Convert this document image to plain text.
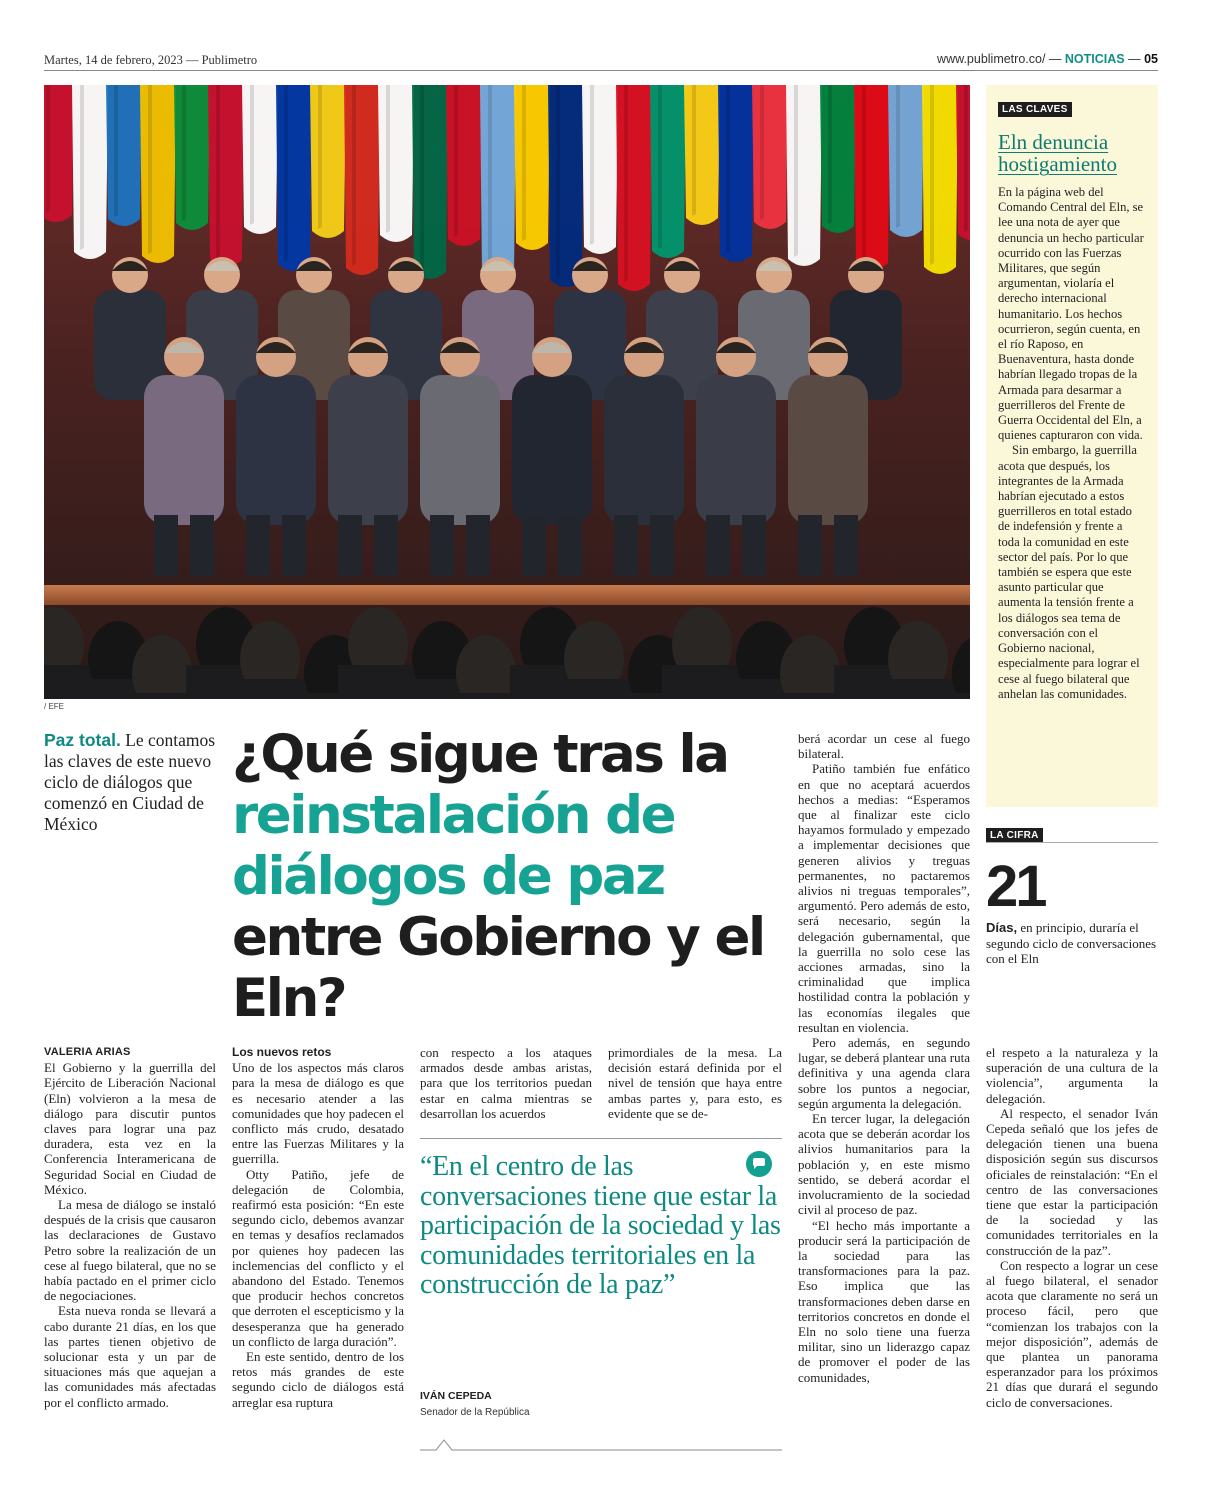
Martes, 14 de febrero, 2023 — Publimetro	www.publimetro.co/ — NOTICIAS — 05
/ EFE
LAS CLAVES
Eln denuncia hostigamiento

En la página web del Comando Central del Eln, se lee una nota de ayer que denuncia un hecho particular ocurrido con las Fuerzas Militares, que según argumentan, violaría el derecho internacional humanitario. Los hechos ocurrieron, según cuenta, en el río Raposo, en Buenaventura, hasta donde habrían llegado tropas de la Armada para desarmar a guerrilleros del Frente de Guerra Occidental del Eln, a quienes capturaron con vida.

Sin embargo, la guerrilla acota que después, los integrantes de la Armada habrían ejecutado a estos guerrilleros en total estado de indefensión y frente a toda la comunidad en este sector del país. Por lo que también se espera que este asunto particular que aumenta la tensión frente a los diálogos sea tema de conversación con el Gobierno nacional, especialmente para lograr el cese al fuego bilateral que anhelan las comunidades.

LA CIFRA
21
Días, en principio, duraría el segundo ciclo de conversaciones con el Eln
Paz total. Le contamos las claves de este nuevo ciclo de diálogos que comenzó en Ciudad de México
¿Qué sigue tras la reinstalación de diálogos de paz entre Gobierno y el Eln?
VALERIA ARIAS

El Gobierno y la guerrilla del Ejército de Liberación Nacional (Eln) volvieron a la mesa de diálogo para discutir puntos claves para lograr una paz duradera, esta vez en la Conferencia Interamericana de Seguridad Social en Ciudad de México.

La mesa de diálogo se instaló después de la crisis que causaron las declaraciones de Gustavo Petro sobre la realización de un cese al fuego bilateral, que no se había pactado en el primer ciclo de negociaciones.

Esta nueva ronda se llevará a cabo durante 21 días, en los que las partes tienen objetivo de solucionar esta y un par de situaciones más que aquejan a las comunidades más afectadas por el conflicto armado.

Los nuevos retos

Uno de los aspectos más claros para la mesa de diálogo es que es necesario atender a las comunidades que hoy padecen el conflicto más crudo, desatado entre las Fuerzas Militares y la guerrilla.

Otty Patiño, jefe de delegación de Colombia, reafirmó esta posición: “En este segundo ciclo, debemos avanzar en temas y desafíos reclamados por quienes hoy padecen las inclemencias del conflicto y el abandono del Estado. Tenemos que producir hechos concretos que derroten el escepticismo y la desesperanza que ha generado un conflicto de larga duración”.

En este sentido, dentro de los retos más grandes de este segundo ciclo de diálogos está arreglar esa ruptura

con respecto a los ataques armados desde ambas aristas, para que los territorios puedan estar en calma mientras se desarrollan los acuerdos

primordiales de la mesa. La decisión estará definida por el nivel de tensión que haya entre ambas partes y, para esto, es evidente que se de-

berá acordar un cese al fuego bilateral.

Patiño también fue enfático en que no aceptará acuerdos hechos a medias: “Esperamos que al finalizar este ciclo hayamos formulado y empezado a implementar decisiones que generen alivios y treguas permanentes, no pactaremos alivios ni treguas temporales”, argumentó. Pero además de esto, será necesario, según la delegación gubernamental, que la guerrilla no solo cese las acciones armadas, sino la criminalidad que implica hostilidad contra la población y las economías ilegales que resultan en violencia.

Pero además, en segundo lugar, se deberá plantear una ruta definitiva y una agenda clara sobre los puntos a negociar, según argumenta la delegación.

En tercer lugar, la delegación acota que se deberán acordar los alivios humanitarios para la población y, en este mismo sentido, se deberá acordar el involucramiento de la sociedad civil al proceso de paz.

“El hecho más importante a producir será la participación de la sociedad para las transformaciones para la paz. Eso implica que las transformaciones deben darse en territorios concretos en donde el Eln no solo tiene una fuerza militar, sino un liderazgo capaz de promover el poder de las comunidades,

el respeto a la naturaleza y la superación de una cultura de la violencia”, argumenta la delegación.

Al respecto, el senador Iván Cepeda señaló que los jefes de delegación tienen una buena disposición según sus discursos oficiales de reinstalación: “En el centro de las conversaciones tiene que estar la participación de la sociedad y las comunidades territoriales en la construcción de la paz”.

Con respecto a lograr un cese al fuego bilateral, el senador acota que claramente no será un proceso fácil, pero que “comienzan los trabajos con la mejor disposición”, además de que plantea un panorama esperanzador para los próximos 21 días que durará el segundo ciclo de conversaciones.

“En el centro de las conversaciones tiene que estar la participación de la sociedad y las comunidades territoriales en la construcción de la paz”
IVÁN CEPEDA
Senador de la República
